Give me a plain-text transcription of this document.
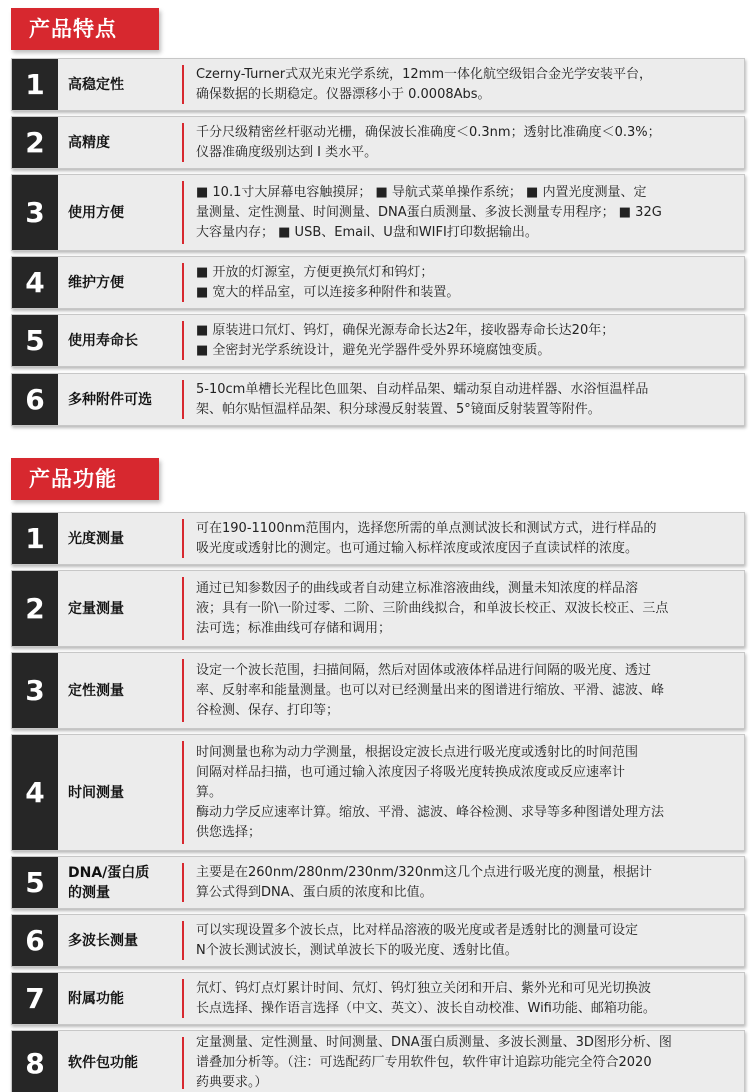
产品特点
1	高稳定性
Czerny-Turner式双光束光学系统，12mm一体化航空级铝合金光学安装平台，
确保数据的长期稳定。仪器漂移小于 0.0008Abs。
2	高精度
千分尺级精密丝杆驱动光栅，确保波长准确度＜0.3nm；透射比准确度＜0.3%；
仪器准确度级别达到 Ⅰ 类水平。
3	使用方便
■ 10.1寸大屏幕电容触摸屏； ■ 导航式菜单操作系统； ■ 内置光度测量、定
量测量、定性测量、时间测量、DNA蛋白质测量、多波长测量专用程序； ■ 32G
大容量内存； ■ USB、Email、U盘和WIFI打印数据输出。
4	维护方便
■ 开放的灯源室，方便更换氘灯和钨灯；
■ 宽大的样品室，可以连接多种附件和装置。
5	使用寿命长
■ 原装进口氘灯、钨灯，确保光源寿命长达2年，接收器寿命长达20年；
■ 全密封光学系统设计，避免光学器件受外界环境腐蚀变质。
6	多种附件可选
5-10cm单槽长光程比色皿架、自动样品架、蠕动泵自动进样器、水浴恒温样品
架、帕尔贴恒温样品架、积分球漫反射装置、5°镜面反射装置等附件。
产品功能
1	光度测量
可在190-1100nm范围内，选择您所需的单点测试波长和测试方式，进行样品的
吸光度或透射比的测定。也可通过输入标样浓度或浓度因子直读试样的浓度。
2	定量测量
通过已知参数因子的曲线或者自动建立标准溶液曲线，测量未知浓度的样品溶
液；具有一阶\一阶过零、二阶、三阶曲线拟合，和单波长校正、双波长校正、三点
法可选；标准曲线可存储和调用；
3	定性测量
设定一个波长范围，扫描间隔，然后对固体或液体样品进行间隔的吸光度、透过
率、反射率和能量测量。也可以对已经测量出来的图谱进行缩放、平滑、滤波、峰
谷检测、保存、打印等；
4	时间测量
时间测量也称为动力学测量，根据设定波长点进行吸光度或透射比的时间范围
间隔对样品扫描，也可通过输入浓度因子将吸光度转换成浓度或反应速率计
算。
酶动力学反应速率计算。缩放、平滑、滤波、峰谷检测、求导等多种图谱处理方法
供您选择；
5	DNA/蛋白质
的测量
主要是在260nm/280nm/230nm/320nm这几个点进行吸光度的测量，根据计
算公式得到DNA、蛋白质的浓度和比值。
6	多波长测量
可以实现设置多个波长点，比对样品溶液的吸光度或者是透射比的测量可设定
N个波长测试波长，测试单波长下的吸光度、透射比值。
7	附属功能
氘灯、钨灯点灯累计时间、氘灯、钨灯独立关闭和开启、紫外光和可见光切换波
长点选择、操作语言选择（中文、英文）、波长自动校准、Wifi功能、邮箱功能。
8	软件包功能
定量测量、定性测量、时间测量、DNA蛋白质测量、多波长测量、3D图形分析、图
谱叠加分析等。（注：可选配药厂专用软件包，软件审计追踪功能完全符合2020
药典要求。）
